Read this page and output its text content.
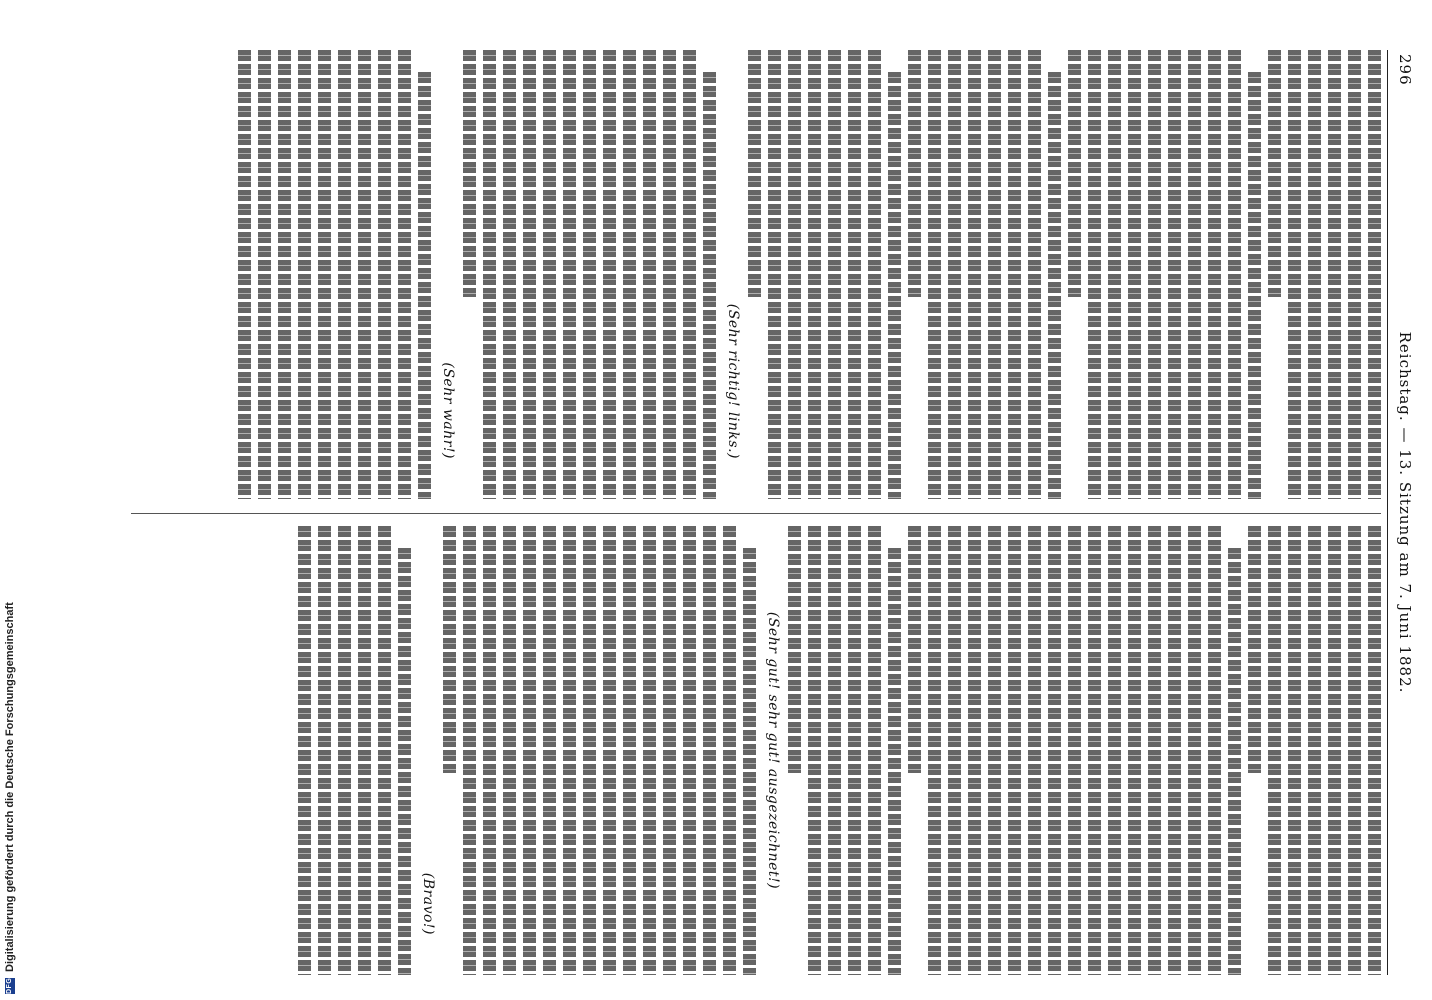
DFG
Digitalisierung gefördert durch die Deutsche Forschungsgemeinschaft
296
Reichstag. — 13. Sitzung am 7. Juni 1882.
(Sehr richtig! links.)
(Sehr wahr!)
(Sehr gut! sehr gut! ausgezeichnet!)
(Bravo!)
